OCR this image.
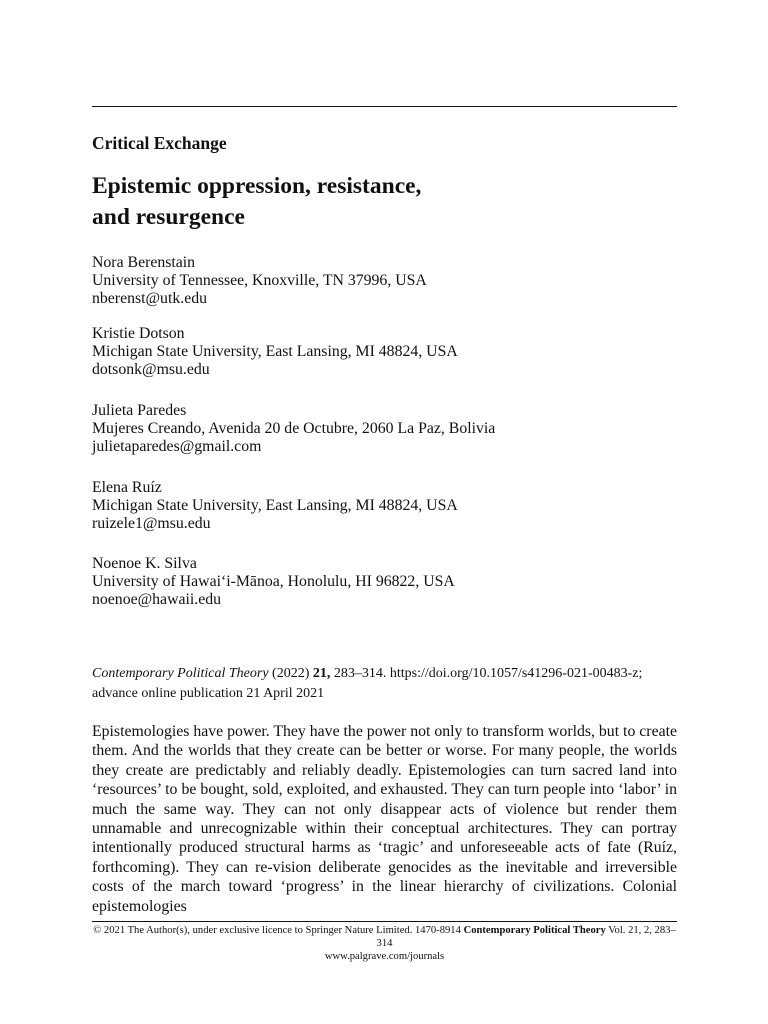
Critical Exchange
Epistemic oppression, resistance,
and resurgence
Nora Berenstain
University of Tennessee, Knoxville, TN 37996, USA
nberenst@utk.edu
Kristie Dotson
Michigan State University, East Lansing, MI 48824, USA
dotsonk@msu.edu
Julieta Paredes
Mujeres Creando, Avenida 20 de Octubre, 2060 La Paz, Bolivia
julietaparedes@gmail.com
Elena Ruíz
Michigan State University, East Lansing, MI 48824, USA
ruizele1@msu.edu
Noenoe K. Silva
University of Hawaiʻi-Mānoa, Honolulu, HI 96822, USA
noenoe@hawaii.edu
Contemporary Political Theory (2022) 21, 283–314. https://doi.org/10.1057/s41296-021-00483-z; advance online publication 21 April 2021
Epistemologies have power. They have the power not only to transform worlds, but to create them. And the worlds that they create can be better or worse. For many people, the worlds they create are predictably and reliably deadly. Epistemologies can turn sacred land into ‘resources’ to be bought, sold, exploited, and exhausted. They can turn people into ‘labor’ in much the same way. They can not only disappear acts of violence but render them unnamable and unrecognizable within their conceptual architectures. They can portray intentionally produced structural harms as ‘tragic’ and unforeseeable acts of fate (Ruíz, forthcoming). They can re-vision deliberate genocides as the inevitable and irreversible costs of the march toward ‘progress’ in the linear hierarchy of civilizations. Colonial epistemologies
© 2021 The Author(s), under exclusive licence to Springer Nature Limited. 1470-8914 Contemporary Political Theory Vol. 21, 2, 283–314
www.palgrave.com/journals
